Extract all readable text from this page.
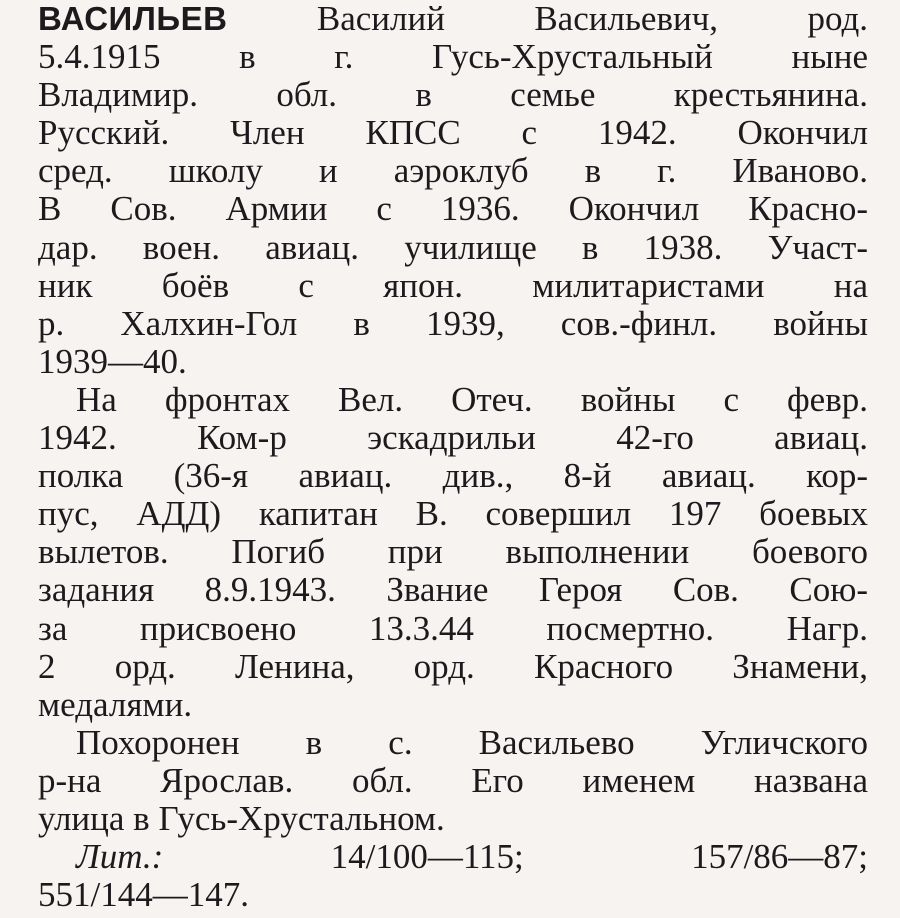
ВАСИЛЬЕВ	Василий Васильевич, род.
5.4.1915 в г. Гусь-Хрустальный ныне
Владимир. обл. в семье крестьянина.
Русский. Член КПСС с 1942. Окончил
сред. школу и аэроклуб в г. Иваново.
В Сов. Армии с 1936. Окончил Красно-
дар. воен. авиац. училище в 1938. Участ-
ник боёв с япон. милитаристами на
р. Халхин-Гол в 1939, сов.-финл. войны
1939—40.
На фронтах Вел. Отеч. войны с февр.
1942. Ком-р эскадрильи 42-го авиац.
полка (36-я авиац. див., 8-й авиац. кор-
пус, АДД) капитан В. совершил 197 боевых
вылетов. Погиб при выполнении боевого
задания 8.9.1943. Звание Героя Сов. Сою-
за присвоено 13.3.44 посмертно. Нагр.
2 орд. Ленина, орд. Красного Знамени,
медалями.
Похоронен в с. Васильево Угличского
р-на Ярослав. обл. Его именем названа
улица в Гусь-Хрустальном.
Лит.:	14/100—115;	157/86—87;
551/144—147.
